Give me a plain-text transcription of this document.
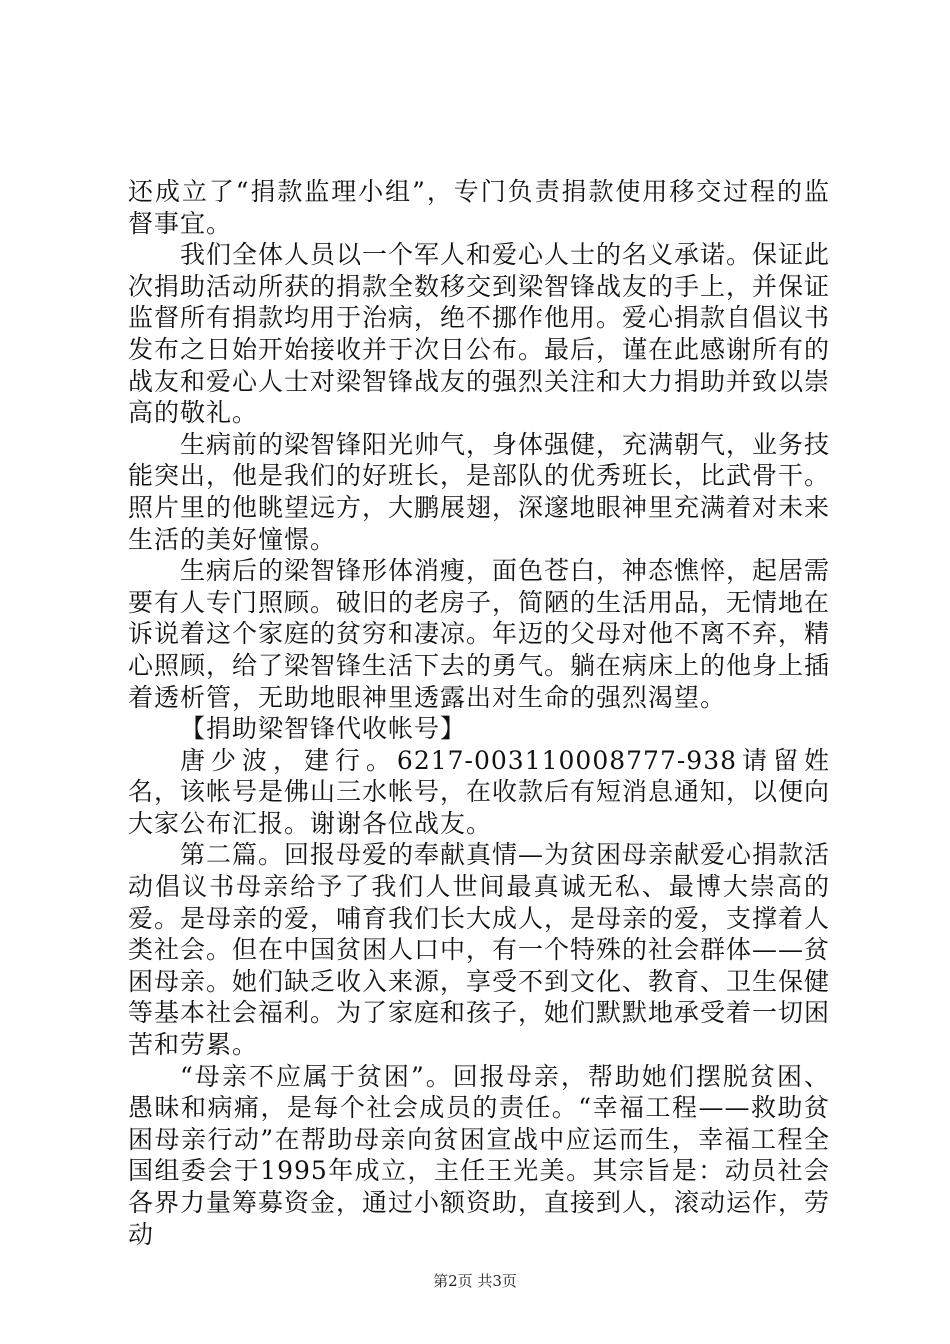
还成立了“捐款监理小组”，专门负责捐款使用移交过程的监督事宜。

我们全体人员以一个军人和爱心人士的名义承诺。保证此次捐助活动所获的捐款全数移交到梁智锋战友的手上，并保证监督所有捐款均用于治病，绝不挪作他用。爱心捐款自倡议书发布之日始开始接收并于次日公布。最后，谨在此感谢所有的战友和爱心人士对梁智锋战友的强烈关注和大力捐助并致以崇高的敬礼。

生病前的梁智锋阳光帅气，身体强健，充满朝气，业务技能突出，他是我们的好班长，是部队的优秀班长，比武骨干。照片里的他眺望远方，大鹏展翅，深邃地眼神里充满着对未来生活的美好憧憬。

生病后的梁智锋形体消瘦，面色苍白，神态憔悴，起居需要有人专门照顾。破旧的老房子，简陋的生活用品，无情地在诉说着这个家庭的贫穷和凄凉。年迈的父母对他不离不弃，精心照顾，给了梁智锋生活下去的勇气。躺在病床上的他身上插着透析管，无助地眼神里透露出对生命的强烈渴望。

【捐助梁智锋代收帐号】

唐少波，建行。6217-003110008777-938请留姓名，该帐号是佛山三水帐号，在收款后有短消息通知，以便向大家公布汇报。谢谢各位战友。

第二篇。回报母爱的奉献真情—为贫困母亲献爱心捐款活动倡议书母亲给予了我们人世间最真诚无私、最博大崇高的爱。是母亲的爱，哺育我们长大成人，是母亲的爱，支撑着人类社会。但在中国贫困人口中，有一个特殊的社会群体——贫困母亲。她们缺乏收入来源，享受不到文化、教育、卫生保健等基本社会福利。为了家庭和孩子，她们默默地承受着一切困苦和劳累。

“母亲不应属于贫困”。回报母亲，帮助她们摆脱贫困、愚昧和病痛，是每个社会成员的责任。“幸福工程——救助贫困母亲行动”在帮助母亲向贫困宣战中应运而生，幸福工程全国组委会于1995年成立，主任王光美。其宗旨是：动员社会各界力量筹募资金，通过小额资助，直接到人，滚动运作，劳动

第2页 共3页
